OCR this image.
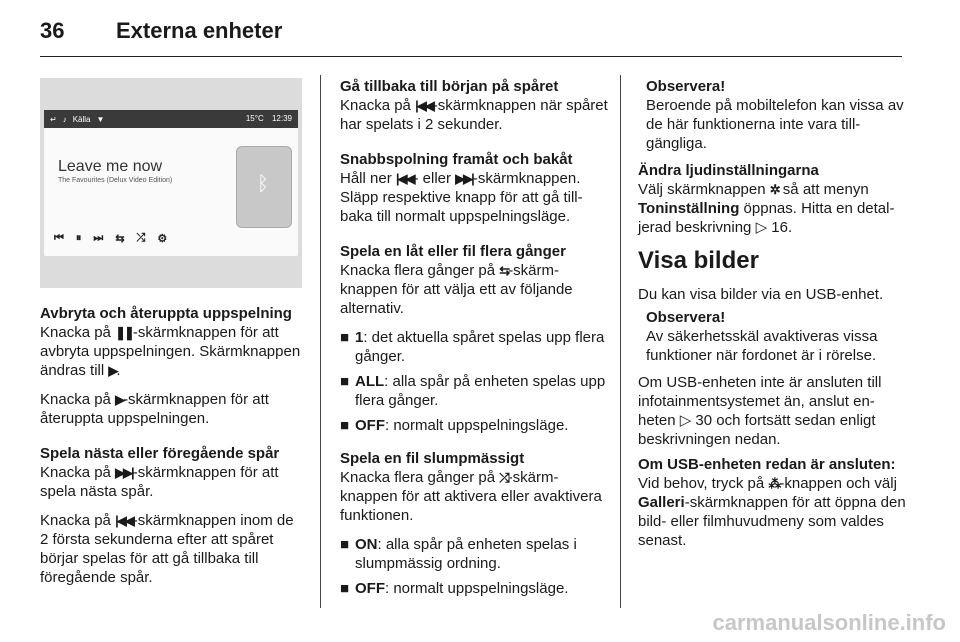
36	Externa enheter
↵ ♪ Källa ▼	15°C 12:39
Leave me now
The Favourites (Delux Video Edition)	ᛒ
⏮ ⏸ ⏭ ⇆ ⤮ ⚙

Avbryta och återuppta uppspelning

Knacka på ❚❚-skärmknappen för att avbryta uppspelningen. Skärmknappen ändras till ▶.

Knacka på ▶-skärmknappen för att återuppta uppspelningen.

Spela nästa eller föregående spår

Knacka på ▶▶|-skärmknappen för att spela nästa spår.

Knacka på |◀◀-skärmknappen inom de 2 första sekunderna efter att spåret börjar spelas för att gå tillbaka till föregående spår.

Gå tillbaka till början på spåret

Knacka på |◀◀-skärmknappen när spåret har spelats i 2 sekunder.

Snabbspolning framåt och bakåt

Håll ner |◀◀- eller ▶▶|-skärmknappen. Släpp respektive knapp för att gå tillbaka till normalt uppspelningsläge.

Spela en låt eller fil flera gånger

Knacka flera gånger på ⇆-skärmknappen för att välja ett av följande alternativ.

■ 1: det aktuella spåret spelas upp flera gånger.
■ ALL: alla spår på enheten spelas upp flera gånger.
■ OFF: normalt uppspelningsläge.

Spela en fil slumpmässigt

Knacka flera gånger på ⤮-skärmknappen för att aktivera eller avaktivera funktionen.

■ ON: alla spår på enheten spelas i slumpmässig ordning.
■ OFF: normalt uppspelningsläge.

Observera!

Beroende på mobiltelefon kan vissa av de här funktionerna inte vara tillgängliga.

Ändra ljudinställningarna

Välj skärmknappen ✲ så att menyn Toninställning öppnas. Hitta en detaljerad beskrivning ▷ 16.

Visa bilder

Du kan visa bilder via en USB-enhet.

Observera!

Av säkerhetsskäl avaktiveras vissa funktioner när fordonet är i rörelse.

Om USB-enheten inte är ansluten till infotainmentsystemet än, anslut enheten ▷ 30 och fortsätt sedan enligt beskrivningen nedan.

Om USB-enheten redan är ansluten:

Vid behov, tryck på ⁂-knappen och välj Galleri-skärmknappen för att öppna den bild- eller filmhuvudmeny som valdes senast.

carmanualsonline.info
